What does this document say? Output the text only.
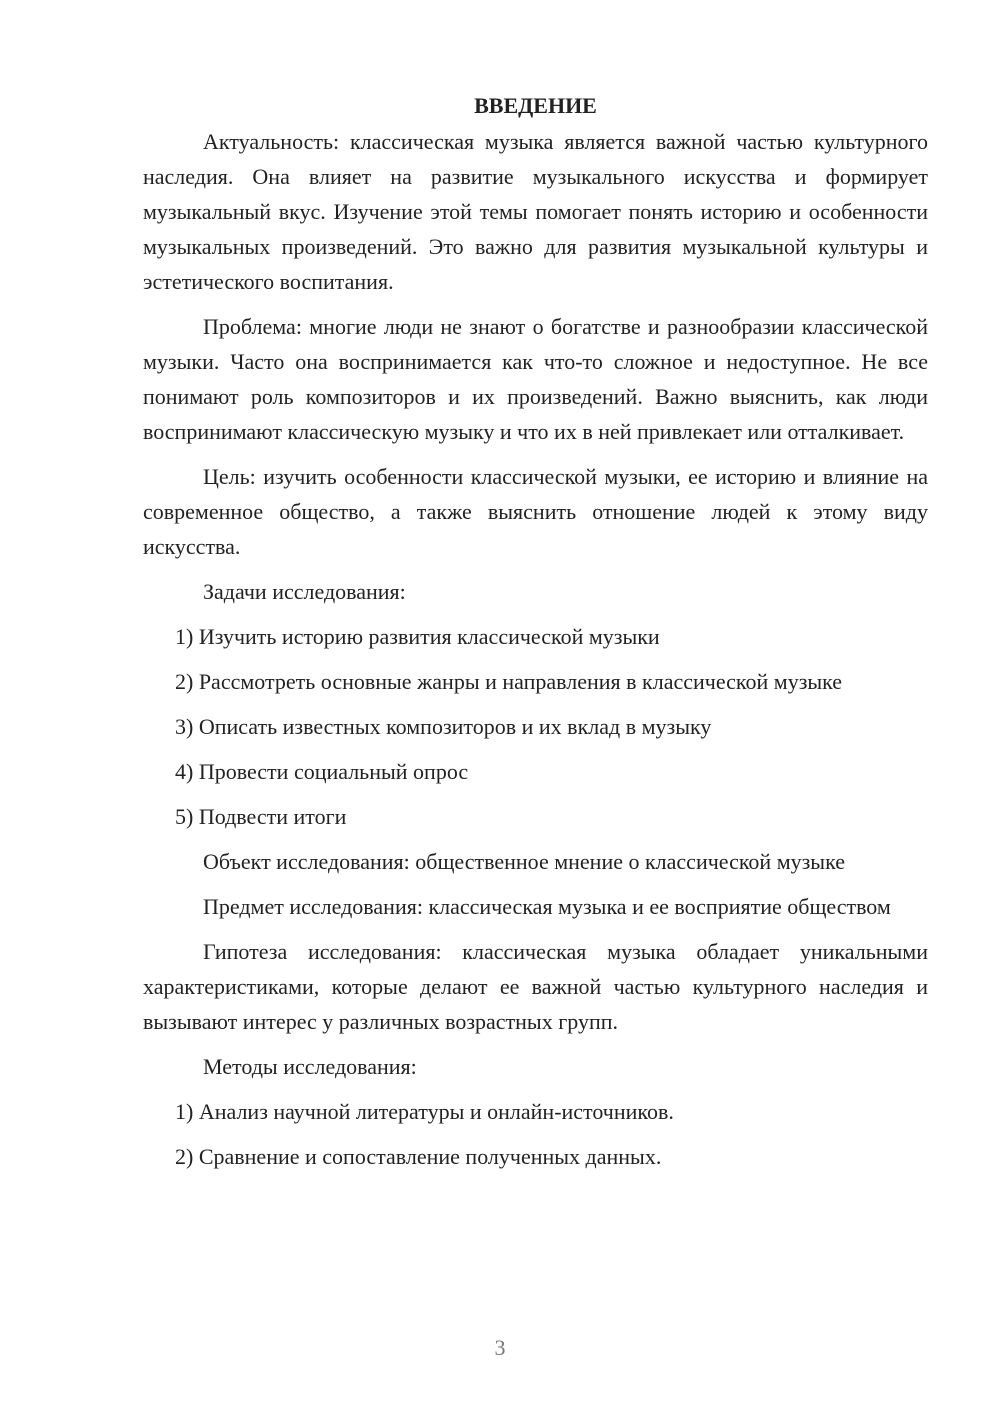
ВВЕДЕНИЕ

Актуальность: классическая музыка является важной частью культурного наследия. Она влияет на развитие музыкального искусства и формирует музыкальный вкус. Изучение этой темы помогает понять историю и особенности музыкальных произведений. Это важно для развития музыкальной культуры и эстетического воспитания.

Проблема: многие люди не знают о богатстве и разнообразии классической музыки. Часто она воспринимается как что-то сложное и недоступное. Не все понимают роль композиторов и их произведений. Важно выяснить, как люди воспринимают классическую музыку и что их в ней привлекает или отталкивает.

Цель: изучить особенности классической музыки, ее историю и влияние на современное общество, а также выяснить отношение людей к этому виду искусства.

Задачи исследования:

1) Изучить историю развития классической музыки

2) Рассмотреть основные жанры и направления в классической музыке

3) Описать известных композиторов и их вклад в музыку

4) Провести социальный опрос

5) Подвести итоги

Объект исследования: общественное мнение о классической музыке

Предмет исследования: классическая музыка и ее восприятие обществом

Гипотеза исследования: классическая музыка обладает уникальными характеристиками, которые делают ее важной частью культурного наследия и вызывают интерес у различных возрастных групп.

Методы исследования:

1) Анализ научной литературы и онлайн-источников.

2) Сравнение и сопоставление полученных данных.

3
